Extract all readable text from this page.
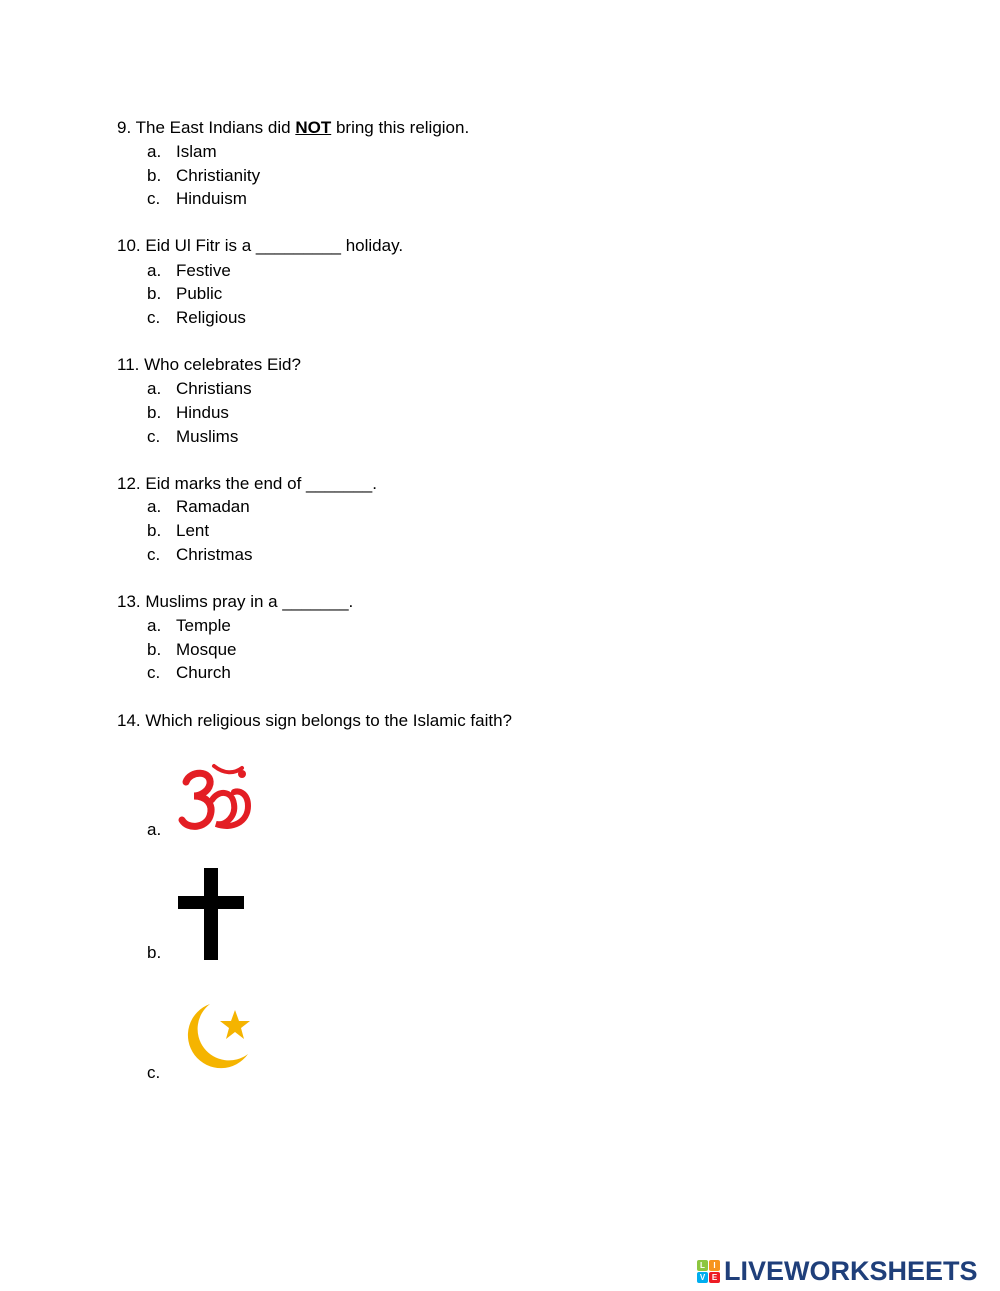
9. The East Indians did NOT bring this religion.
a. Islam
b. Christianity
c. Hinduism
10. Eid Ul Fitr is a _________ holiday.
a. Festive
b. Public
c. Religious
11. Who celebrates Eid?
a. Christians
b. Hindus
c. Muslims
12. Eid marks the end of _______.
a. Ramadan
b. Lent
c. Christmas
13. Muslims pray in a _______.
a. Temple
b. Mosque
c. Church
14. Which religious sign belongs to the Islamic faith?
a.
b.
c.
L	I
V E LIVEWORKSHEETS
